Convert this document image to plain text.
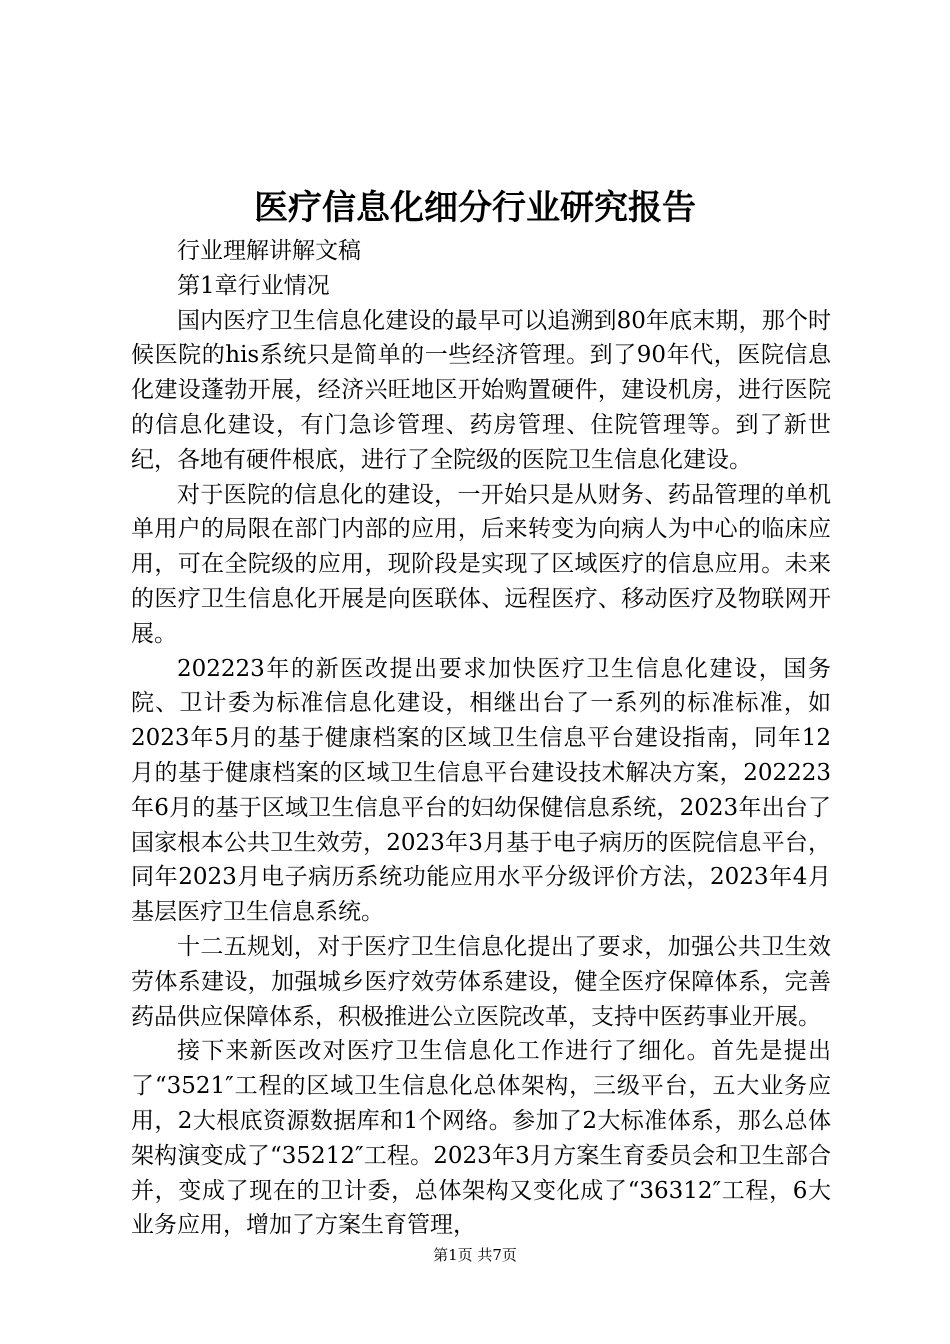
医疗信息化细分行业研究报告

行业理解讲解文稿

第1章行业情况

国内医疗卫生信息化建设的最早可以追溯到80年底末期，那个时候医院的his系统只是简单的一些经济管理。到了90年代，医院信息化建设蓬勃开展，经济兴旺地区开始购置硬件，建设机房，进行医院的信息化建设，有门急诊管理、药房管理、住院管理等。到了新世纪，各地有硬件根底，进行了全院级的医院卫生信息化建设。

对于医院的信息化的建设，一开始只是从财务、药品管理的单机单用户的局限在部门内部的应用，后来转变为向病人为中心的临床应用，可在全院级的应用，现阶段是实现了区域医疗的信息应用。未来的医疗卫生信息化开展是向医联体、远程医疗、移动医疗及物联网开展。

202223年的新医改提出要求加快医疗卫生信息化建设，国务院、卫计委为标准信息化建设，相继出台了一系列的标准标准，如2023年5月的基于健康档案的区域卫生信息平台建设指南，同年12月的基于健康档案的区域卫生信息平台建设技术解决方案，202223年6月的基于区域卫生信息平台的妇幼保健信息系统，2023年出台了国家根本公共卫生效劳，2023年3月基于电子病历的医院信息平台，同年2023月电子病历系统功能应用水平分级评价方法，2023年4月基层医疗卫生信息系统。

十二五规划，对于医疗卫生信息化提出了要求，加强公共卫生效劳体系建设，加强城乡医疗效劳体系建设，健全医疗保障体系，完善药品供应保障体系，积极推进公立医院改革，支持中医药事业开展。

接下来新医改对医疗卫生信息化工作进行了细化。首先是提出了“3521″工程的区域卫生信息化总体架构，三级平台，五大业务应用，2大根底资源数据库和1个网络。参加了2大标准体系，那么总体架构演变成了“35212″工程。2023年3月方案生育委员会和卫生部合并，变成了现在的卫计委，总体架构又变化成了“36312″工程，6大业务应用，增加了方案生育管理，

第1页 共7页
